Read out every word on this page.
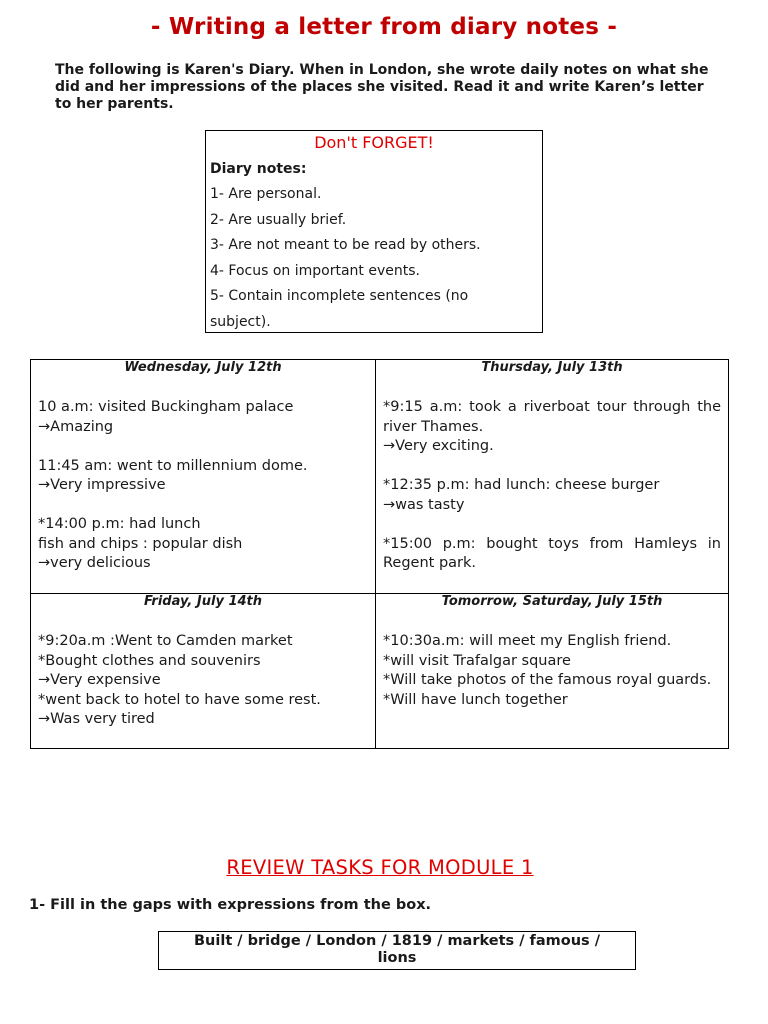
- Writing a letter from diary notes -
The following is Karen's Diary. When in London, she wrote daily notes on what she did and her impressions of the places she visited. Read it and write Karen’s letter to her parents.
Don't FORGET!
Diary notes:
1- Are personal.
2- Are usually brief.
3- Are not meant to be read by others.
4- Focus on important events.
5- Contain incomplete sentences (no
subject).
Wednesday, July 12th
10 a.m: visited Buckingham palace
→Amazing
11:45 am: went to millennium dome.
→Very impressive
*14:00 p.m: had lunch
fish and chips : popular dish
→very delicious
Thursday, July 13th
*9:15 a.m: took a riverboat tour through the river Thames.
→Very exciting.
*12:35 p.m: had lunch: cheese burger
→was tasty
*15:00 p.m: bought toys from Hamleys in Regent park.
Friday, July 14th
*9:20a.m :Went to Camden market
*Bought clothes and souvenirs
→Very expensive
*went back to hotel to have some rest.
→Was very tired
Tomorrow, Saturday, July 15th
*10:30a.m: will meet my English friend.
*will visit Trafalgar square
*Will take photos of the famous royal guards.
*Will have lunch together
REVIEW TASKS FOR MODULE 1
1- Fill in the gaps with expressions from the box.
Built / bridge / London / 1819 / markets / famous / lions
